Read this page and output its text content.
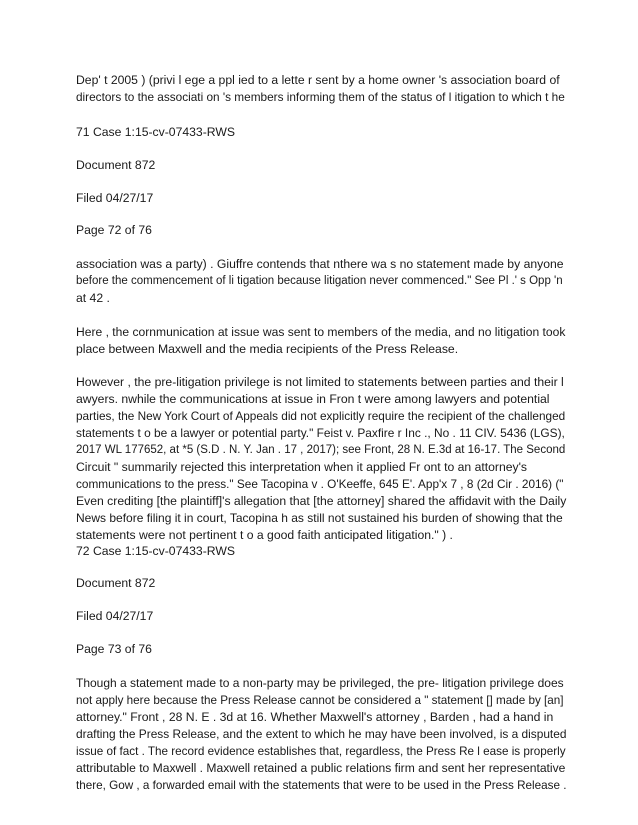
Dep' t 2005 ) (privi l ege a ppl ied to a lette r sent by a home owner 's association board of
directors to the associati on 's members informing them of the status of l itigation to which t he

71 Case 1:15-cv-07433-RWS

Document 872

Filed 04/27/17

Page 72 of 76

association was a party) . Giuffre contends that nthere wa s no statement made by anyone
before the commencement of li tigation because litigation never commenced." See Pl .' s Opp 'n
at 42 .

Here , the cornmunication at issue was sent to members of the media, and no litigation took
place between Maxwell and the media recipients of the Press Release.

However , the pre-litigation privilege is not limited to statements between parties and their l
awyers. nwhile the communications at issue in Fron t were among lawyers and potential
parties, the New York Court of Appeals did not explicitly require the recipient of the challenged
statements t o be a lawyer or potential party." Feist v. Paxfire r Inc ., No . 11 CIV. 5436 (LGS),
2017 WL 177652, at *5 (S.D . N. Y. Jan . 17 , 2017); see Front, 28 N. E.3d at 16-17. The Second
Circuit " summarily rejected this interpretation when it applied Fr ont to an attorney's
communications to the press." See Tacopina v . O'Keeffe, 645 E'. App'x 7 , 8 (2d Cir . 2016) ("
Even crediting [the plaintiff]'s allegation that [the attorney] shared the affidavit with the Daily
News before filing it in court, Tacopina h as still not sustained his burden of showing that the
statements were not pertinent t o a good faith anticipated litigation." ) .

72 Case 1:15-cv-07433-RWS

Document 872

Filed 04/27/17

Page 73 of 76

Though a statement made to a non-party may be privileged, the pre- litigation privilege does
not apply here because the Press Release cannot be considered a " statement [] made by [an]
attorney." Front , 28 N. E . 3d at 16. Whether Maxwell's attorney , Barden , had a hand in
drafting the Press Release, and the extent to which he may have been involved, is a disputed
issue of fact . The record evidence establishes that, regardless, the Press Re l ease is properly
attributable to Maxwell . Maxwell retained a public relations firm and sent her representative
there, Gow , a forwarded email with the statements that were to be used in the Press Release .
